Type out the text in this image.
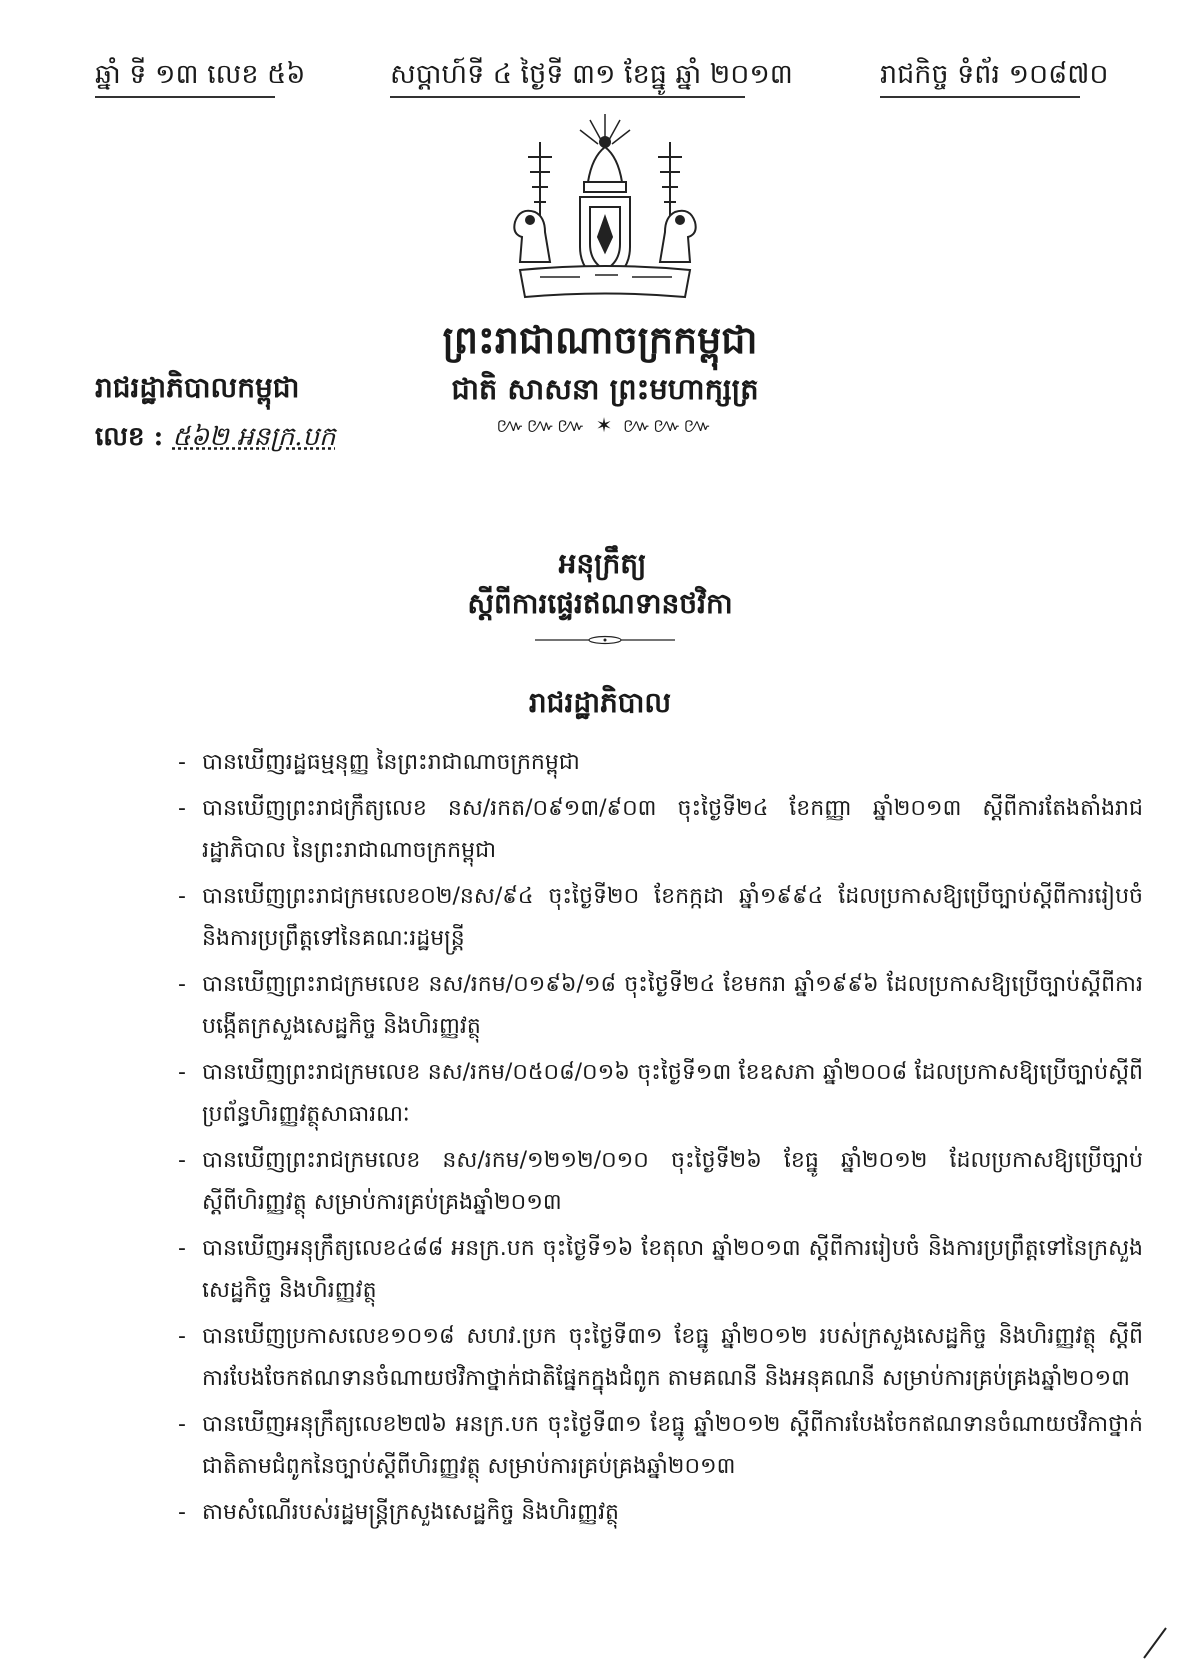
ឆ្នាំ ទី ១៣ លេខ ៥៦	សប្តាហ៍ទី ៤ ថ្ងៃទី ៣១ ខែធ្នូ ឆ្នាំ ២០១៣	រាជកិច្ច ទំព័រ ១០៨៧០
ព្រះរាជាណាចក្រកម្ពុជា
ជាតិ សាសនា ព្រះមហាក្សត្រ
៚៚៚ ✶ ៚៚៚
រាជរដ្ឋាភិបាលកម្ពុជា
លេខ : ៥៦២ អនក្រ.បក
អនុក្រឹត្យ
ស្តីពីការផ្ទេរឥណទានថវិកា
រាជរដ្ឋាភិបាល
- បានឃើញរដ្ឋធម្មនុញ្ញ នៃព្រះរាជាណាចក្រកម្ពុជា
- បានឃើញព្រះរាជក្រឹត្យលេខ នស/រកត/០៩១៣/៩០៣ ចុះថ្ងៃទី២៤ ខែកញ្ញា ឆ្នាំ២០១៣ ស្តីពីការតែងតាំងរាជរដ្ឋាភិបាល នៃព្រះរាជាណាចក្រកម្ពុជា
- បានឃើញព្រះរាជក្រមលេខ០២/នស/៩៤ ចុះថ្ងៃទី២០ ខែកក្កដា ឆ្នាំ១៩៩៤ ដែលប្រកាសឱ្យប្រើច្បាប់ស្តីពីការរៀបចំ និងការប្រព្រឹត្តទៅនៃគណៈរដ្ឋមន្ត្រី
- បានឃើញព្រះរាជក្រមលេខ នស/រកម/០១៩៦/១៨ ចុះថ្ងៃទី២៤ ខែមករា ឆ្នាំ១៩៩៦ ដែលប្រកាសឱ្យប្រើច្បាប់ស្តីពីការបង្កើតក្រសួងសេដ្ឋកិច្ច និងហិរញ្ញវត្ថុ
- បានឃើញព្រះរាជក្រមលេខ នស/រកម/០៥០៨/០១៦ ចុះថ្ងៃទី១៣ ខែឧសភា ឆ្នាំ២០០៨ ដែលប្រកាសឱ្យប្រើច្បាប់ស្តីពីប្រព័ន្ធហិរញ្ញវត្ថុសាធារណៈ
- បានឃើញព្រះរាជក្រមលេខ នស/រកម/១២១២/០១០ ចុះថ្ងៃទី២៦ ខែធ្នូ ឆ្នាំ២០១២ ដែលប្រកាសឱ្យប្រើច្បាប់ស្តីពីហិរញ្ញវត្ថុ សម្រាប់ការគ្រប់គ្រងឆ្នាំ២០១៣
- បានឃើញអនុក្រឹត្យលេខ៤៨៨ អនក្រ.បក ចុះថ្ងៃទី១៦ ខែតុលា ឆ្នាំ២០១៣ ស្តីពីការរៀបចំ និងការប្រព្រឹត្តទៅនៃក្រសួងសេដ្ឋកិច្ច និងហិរញ្ញវត្ថុ
- បានឃើញប្រកាសលេខ១០១៨ សហវ.ប្រក ចុះថ្ងៃទី៣១ ខែធ្នូ ឆ្នាំ២០១២ របស់ក្រសួងសេដ្ឋកិច្ច និងហិរញ្ញវត្ថុ ស្តីពីការបែងចែកឥណទានចំណាយថវិកាថ្នាក់ជាតិផ្នែកក្នុងជំពូក តាមគណនី និងអនុគណនី សម្រាប់ការគ្រប់គ្រងឆ្នាំ២០១៣
- បានឃើញអនុក្រឹត្យលេខ២៧៦ អនក្រ.បក ចុះថ្ងៃទី៣១ ខែធ្នូ ឆ្នាំ២០១២ ស្តីពីការបែងចែកឥណទានចំណាយថវិកាថ្នាក់ជាតិតាមជំពូកនៃច្បាប់ស្តីពីហិរញ្ញវត្ថុ សម្រាប់ការគ្រប់គ្រងឆ្នាំ២០១៣
- តាមសំណើរបស់រដ្ឋមន្ត្រីក្រសួងសេដ្ឋកិច្ច និងហិរញ្ញវត្ថុ
